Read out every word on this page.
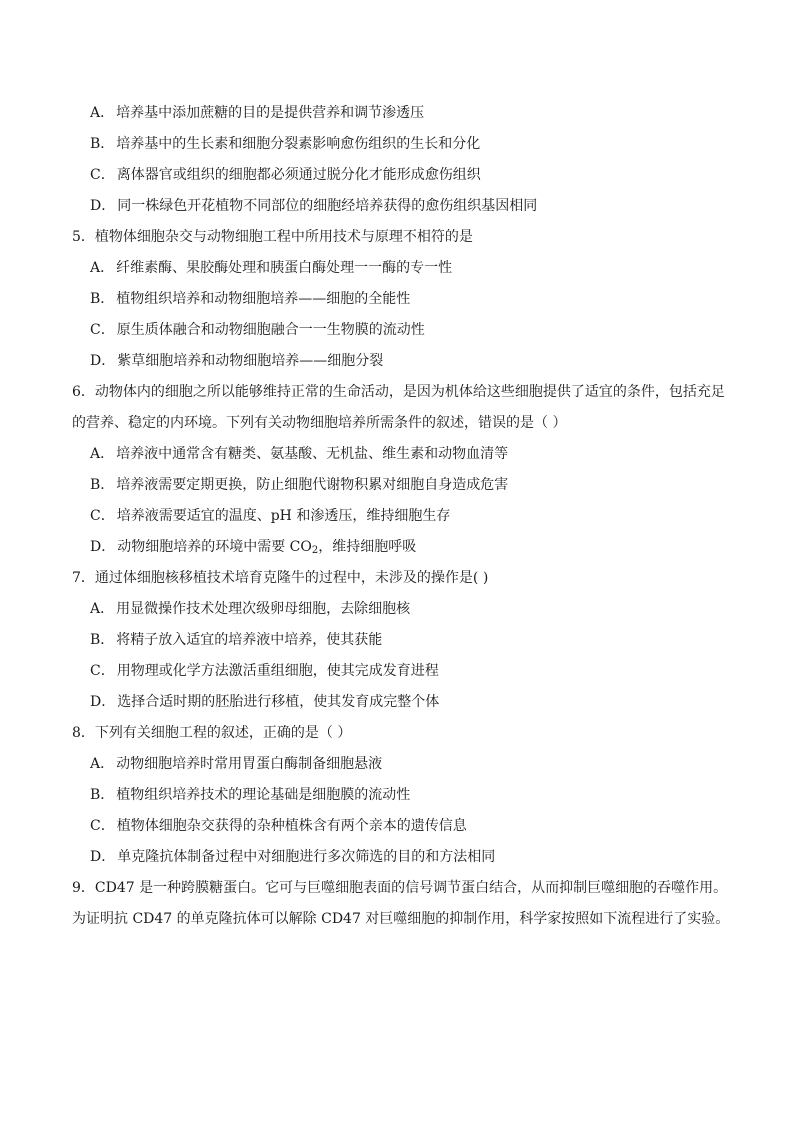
A． 培养基中添加蔗糖的目的是提供营养和调节渗透压
B． 培养基中的生长素和细胞分裂素影响愈伤组织的生长和分化
C． 离体器官或组织的细胞都必须通过脱分化才能形成愈伤组织
D． 同一株绿色开花植物不同部位的细胞经培养获得的愈伤组织基因相同
5．植物体细胞杂交与动物细胞工程中所用技术与原理不相符的是
A． 纤维素酶、果胶酶处理和胰蛋白酶处理一一酶的专一性
B． 植物组织培养和动物细胞培养——细胞的全能性
C． 原生质体融合和动物细胞融合一一生物膜的流动性
D． 紫草细胞培养和动物细胞培养——细胞分裂
6．动物体内的细胞之所以能够维持正常的生命活动，是因为机体给这些细胞提供了适宜的条件，包括充足
的营养、稳定的内环境。下列有关动物细胞培养所需条件的叙述，错误的是（ ）
A． 培养液中通常含有糖类、氨基酸、无机盐、维生素和动物血清等
B． 培养液需要定期更换，防止细胞代谢物积累对细胞自身造成危害
C． 培养液需要适宜的温度、pH 和渗透压，维持细胞生存
D． 动物细胞培养的环境中需要 $CO_2$，维持细胞呼吸
7．通过体细胞核移植技术培育克隆牛的过程中，未涉及的操作是( )
A． 用显微操作技术处理次级卵母细胞，去除细胞核
B． 将精子放入适宜的培养液中培养，使其获能
C． 用物理或化学方法激活重组细胞，使其完成发育进程
D． 选择合适时期的胚胎进行移植，使其发育成完整个体
8．下列有关细胞工程的叙述，正确的是（ ）
A． 动物细胞培养时常用胃蛋白酶制备细胞悬液
B． 植物组织培养技术的理论基础是细胞膜的流动性
C． 植物体细胞杂交获得的杂种植株含有两个亲本的遗传信息
D． 单克隆抗体制备过程中对细胞进行多次筛选的目的和方法相同
9．CD47 是一种跨膜糖蛋白。它可与巨噬细胞表面的信号调节蛋白结合，从而抑制巨噬细胞的吞噬作用。
为证明抗 CD47 的单克隆抗体可以解除 CD47 对巨噬细胞的抑制作用，科学家按照如下流程进行了实验。
